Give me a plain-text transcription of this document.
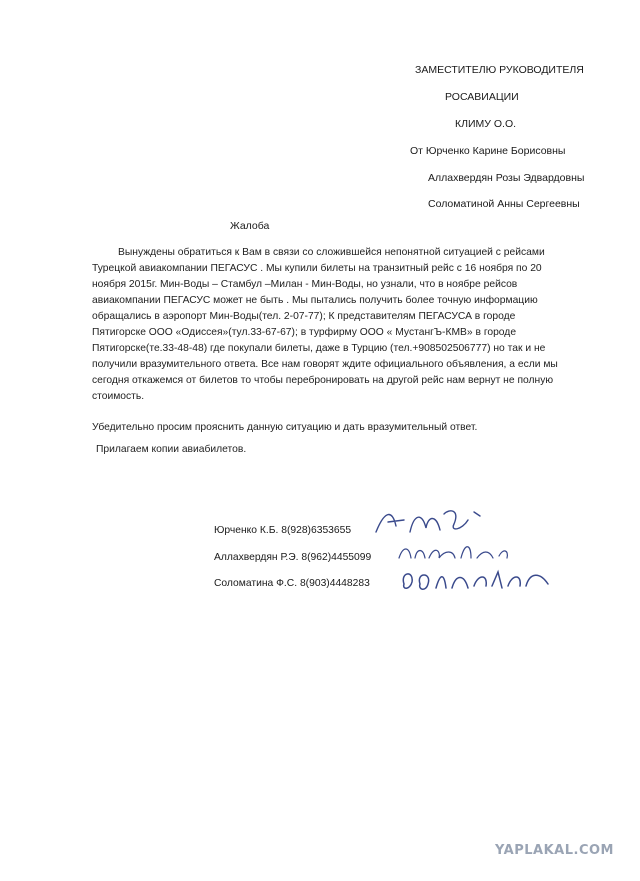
ЗАМЕСТИТЕЛЮ РУКОВОДИТЕЛЯ
РОСАВИАЦИИ
КЛИМУ О.О.
От Юрченко Карине Борисовны
Аллахвердян Розы Эдвардовны
Соломатиной Анны Сергеевны
Жалоба
Вынуждены обратиться к Вам в связи со сложившейся непонятной ситуацией с рейсами
Турецкой авиакомпании ПЕГАСУС . Мы купили билеты на транзитный рейс с 16 ноября по 20
ноября 2015г. Мин-Воды – Стамбул –Милан - Мин-Воды, но узнали, что в ноябре рейсов
авиакомпании ПЕГАСУС может не быть . Мы пытались получить более точную информацию
обращались в аэропорт Мин-Воды(тел. 2-07-77); К представителям ПЕГАСУСА в городе
Пятигорске ООО «Одиссея»(тул.33-67-67); в турфирму ООО « МустангЪ-КМВ» в городе
Пятигорске(те.33-48-48) где покупали билеты, даже в Турцию (тел.+908502506777) но так и не
получили вразумительного ответа. Все нам говорят ждите официального объявления, а если мы
сегодня откажемся от билетов то чтобы перебронировать на другой рейс нам вернут не полную
стоимость.
Убедительно просим прояснить данную ситуацию и дать вразумительный ответ.
Прилагаем копии авиабилетов.
Юрченко К.Б. 8(928)6353655
Аллахвердян Р.Э. 8(962)4455099
Соломатина Ф.С. 8(903)4448283
YAPLAKAL.COM
